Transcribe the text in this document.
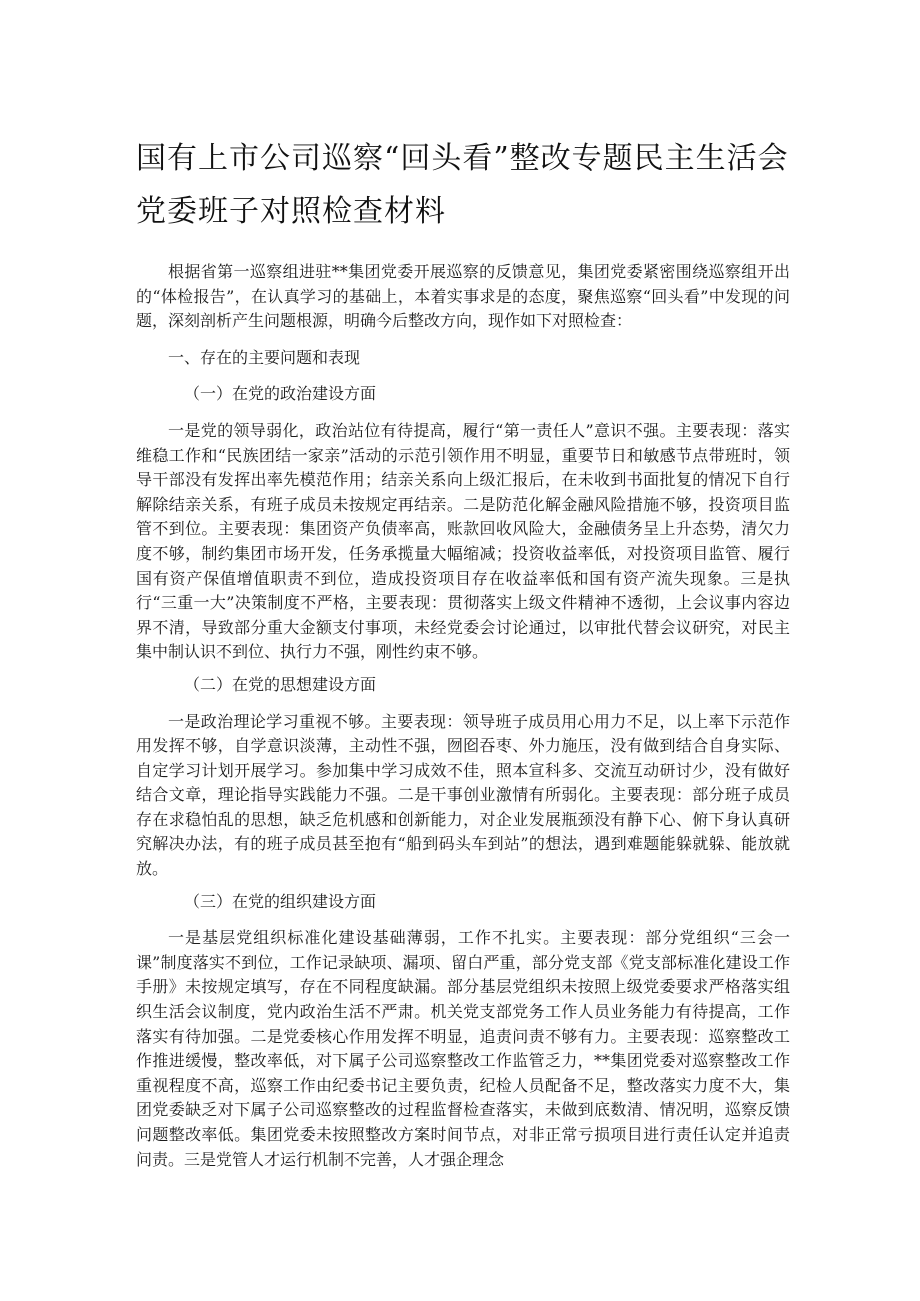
国有上市公司巡察“回头看”整改专题民主生活会党委班子对照检查材料

根据省第一巡察组进驻**集团党委开展巡察的反馈意见，集团党委紧密围绕巡察组开出的“体检报告”，在认真学习的基础上，本着实事求是的态度，聚焦巡察“回头看”中发现的问题，深刻剖析产生问题根源，明确今后整改方向，现作如下对照检查：

一、存在的主要问题和表现

（一）在党的政治建设方面

一是党的领导弱化，政治站位有待提高，履行“第一责任人”意识不强。主要表现：落实维稳工作和“民族团结一家亲”活动的示范引领作用不明显，重要节日和敏感节点带班时，领导干部没有发挥出率先模范作用；结亲关系向上级汇报后，在未收到书面批复的情况下自行解除结亲关系，有班子成员未按规定再结亲。二是防范化解金融风险措施不够，投资项目监管不到位。主要表现：集团资产负债率高，账款回收风险大，金融债务呈上升态势，清欠力度不够，制约集团市场开发，任务承揽量大幅缩减；投资收益率低，对投资项目监管、履行国有资产保值增值职责不到位，造成投资项目存在收益率低和国有资产流失现象。三是执行“三重一大”决策制度不严格，主要表现：贯彻落实上级文件精神不透彻，上会议事内容边界不清，导致部分重大金额支付事项，未经党委会讨论通过，以审批代替会议研究，对民主集中制认识不到位、执行力不强，刚性约束不够。

（二）在党的思想建设方面

一是政治理论学习重视不够。主要表现：领导班子成员用心用力不足，以上率下示范作用发挥不够，自学意识淡薄，主动性不强，囫囵吞枣、外力施压，没有做到结合自身实际、自定学习计划开展学习。参加集中学习成效不佳，照本宣科多、交流互动研讨少，没有做好结合文章，理论指导实践能力不强。二是干事创业激情有所弱化。主要表现：部分班子成员存在求稳怕乱的思想，缺乏危机感和创新能力，对企业发展瓶颈没有静下心、俯下身认真研究解决办法，有的班子成员甚至抱有“船到码头车到站”的想法，遇到难题能躲就躲、能放就放。

（三）在党的组织建设方面

一是基层党组织标准化建设基础薄弱，工作不扎实。主要表现：部分党组织“三会一课”制度落实不到位，工作记录缺项、漏项、留白严重，部分党支部《党支部标准化建设工作手册》未按规定填写，存在不同程度缺漏。部分基层党组织未按照上级党委要求严格落实组织生活会议制度，党内政治生活不严肃。机关党支部党务工作人员业务能力有待提高，工作落实有待加强。二是党委核心作用发挥不明显，追责问责不够有力。主要表现：巡察整改工作推进缓慢，整改率低，对下属子公司巡察整改工作监管乏力，**集团党委对巡察整改工作重视程度不高，巡察工作由纪委书记主要负责，纪检人员配备不足，整改落实力度不大，集团党委缺乏对下属子公司巡察整改的过程监督检查落实，未做到底数清、情况明，巡察反馈问题整改率低。集团党委未按照整改方案时间节点，对非正常亏损项目进行责任认定并追责问责。三是党管人才运行机制不完善，人才强企理念
